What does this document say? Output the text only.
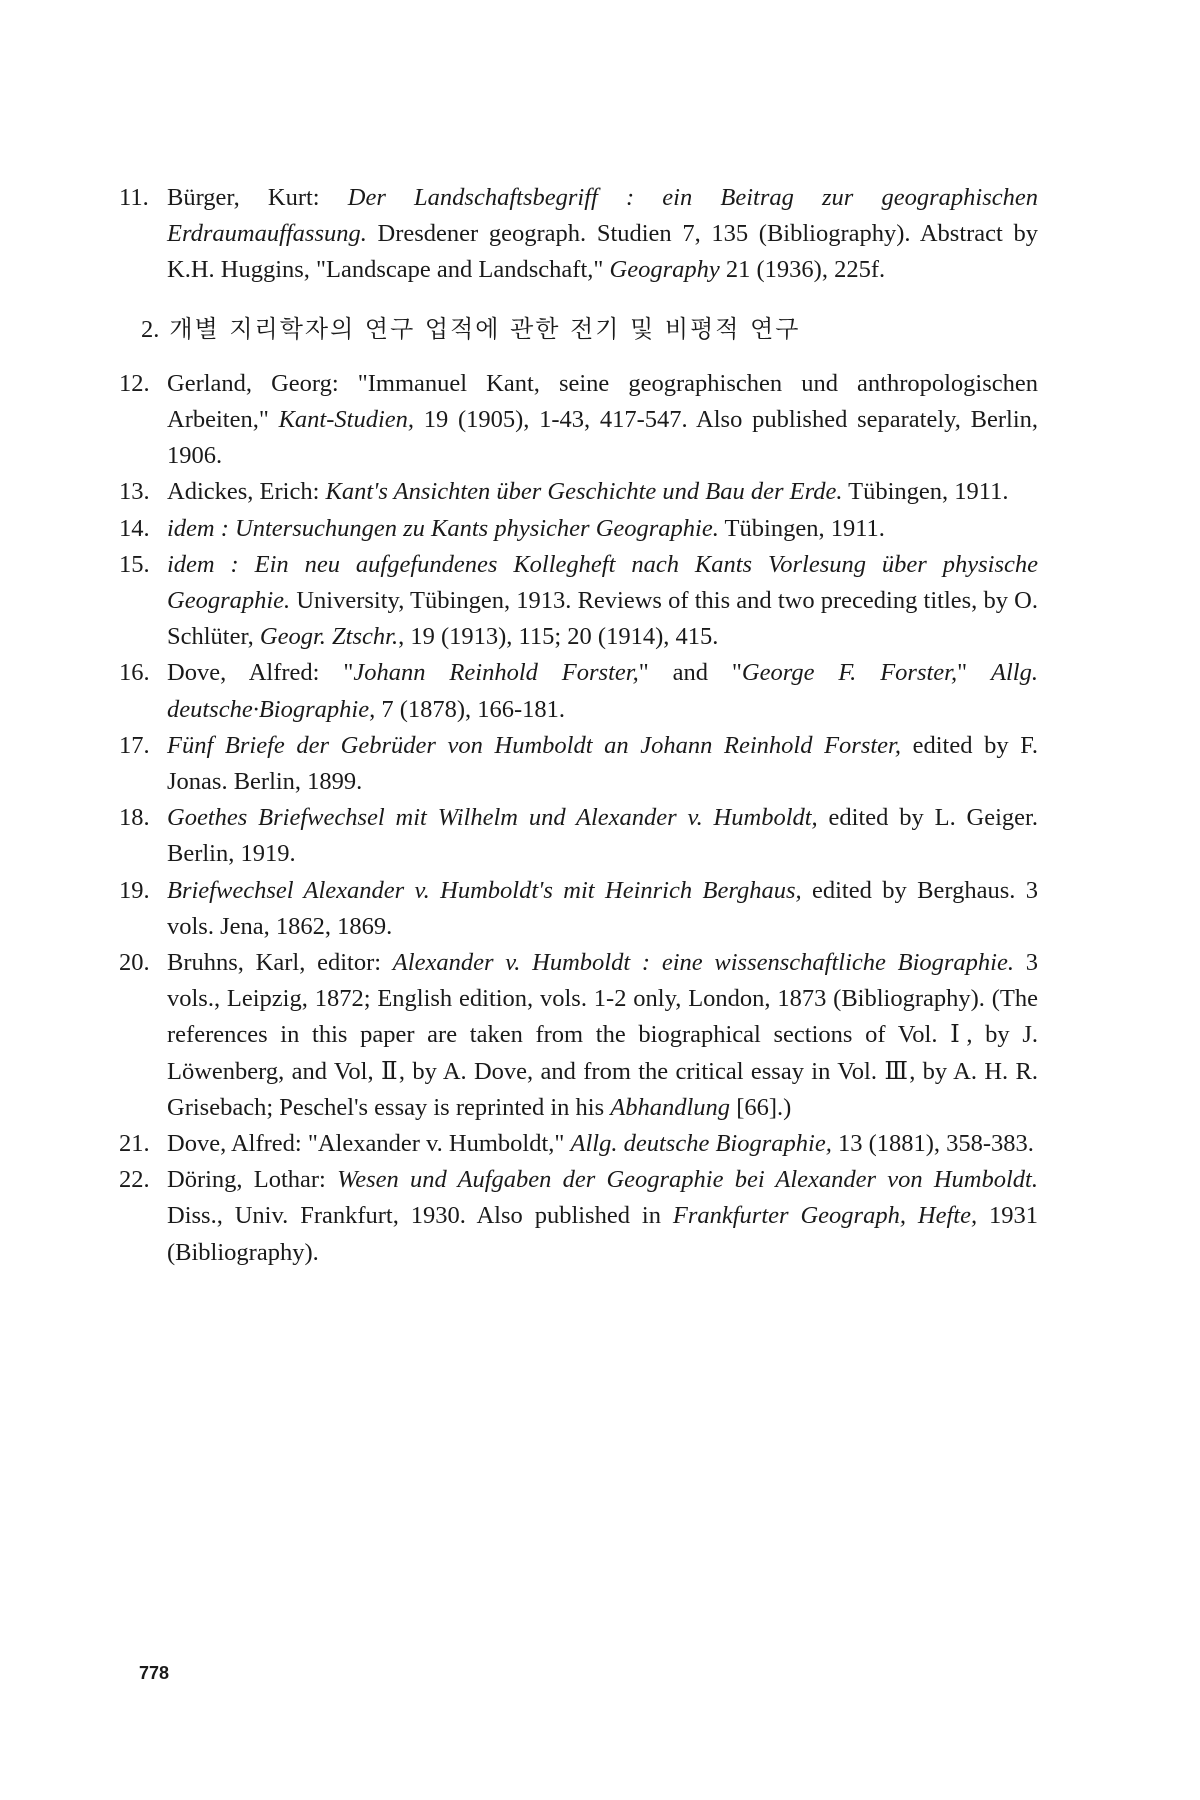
11. Bürger, Kurt: Der Landschaftsbegriff : ein Beitrag zur geographischen Erdraumauffassung. Dresdener geograph. Studien 7, 135 (Bibliography). Abstract by K.H. Huggins, "Landscape and Landschaft," Geography 21 (1936), 225f.
2. 개별 지리학자의 연구 업적에 관한 전기 및 비평적 연구
12. Gerland, Georg: "Immanuel Kant, seine geographischen und anthropologischen Arbeiten," Kant-Studien, 19 (1905), 1-43, 417-547. Also published separately, Berlin, 1906.
13. Adickes, Erich: Kant's Ansichten über Geschichte und Bau der Erde. Tübingen, 1911.
14. idem : Untersuchungen zu Kants physicher Geographie. Tübingen, 1911.
15. idem : Ein neu aufgefundenes Kollegheft nach Kants Vorlesung über physische Geographie. University, Tübingen, 1913. Reviews of this and two preceding titles, by O. Schlüter, Geogr. Ztschr., 19 (1913), 115; 20 (1914), 415.
16. Dove, Alfred: "Johann Reinhold Forster," and "George F. Forster," Allg. deutsche·Biographie, 7 (1878), 166-181.
17. Fünf Briefe der Gebrüder von Humboldt an Johann Reinhold Forster, edited by F. Jonas. Berlin, 1899.
18. Goethes Briefwechsel mit Wilhelm und Alexander v. Humboldt, edited by L. Geiger. Berlin, 1919.
19. Briefwechsel Alexander v. Humboldt's mit Heinrich Berghaus, edited by Berghaus. 3 vols. Jena, 1862, 1869.
20. Bruhns, Karl, editor: Alexander v. Humboldt : eine wissenschaftliche Biographie. 3 vols., Leipzig, 1872; English edition, vols. 1-2 only, London, 1873 (Bibliography). (The references in this paper are taken from the biographical sections of Vol. Ⅰ, by J. Löwenberg, and Vol, Ⅱ, by A. Dove, and from the critical essay in Vol. Ⅲ, by A. H. R. Grisebach; Peschel's essay is reprinted in his Abhandlung [66].)
21. Dove, Alfred: "Alexander v. Humboldt," Allg. deutsche Biographie, 13 (1881), 358-383.
22. Döring, Lothar: Wesen und Aufgaben der Geographie bei Alexander von Humboldt. Diss., Univ. Frankfurt, 1930. Also published in Frankfurter Geograph, Hefte, 1931 (Bibliography).
778
